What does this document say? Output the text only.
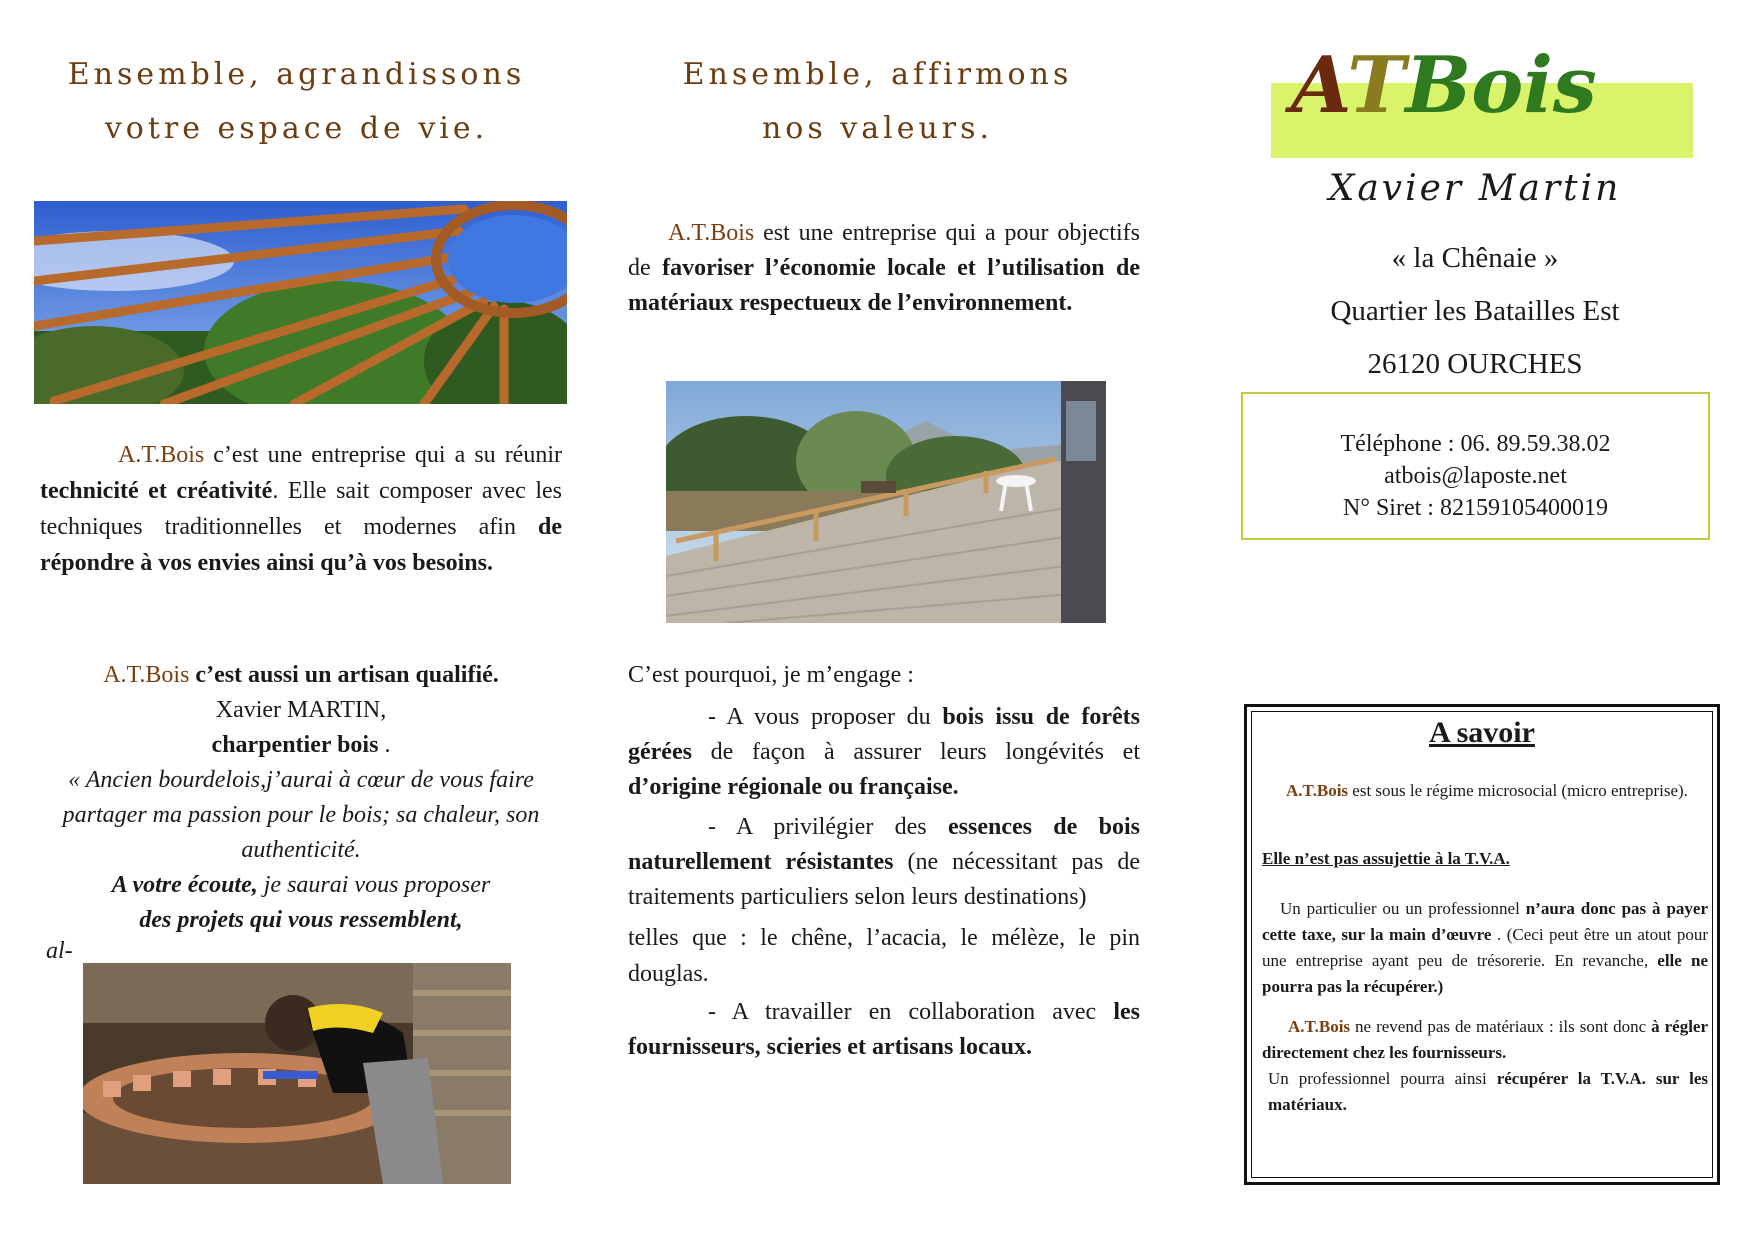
Ensemble, agrandissons
votre espace de vie.
A.T.Bois c’est une entreprise qui a su réunir technicité et créativité. Elle sait composer avec les techniques traditionnelles et modernes afin de répondre à vos envies ainsi qu’à vos besoins.
A.T.Bois c’est aussi un artisan qualifié.
Xavier MARTIN,
charpentier bois .
« Ancien bourdelois,j’aurai à cœur de vous faire partager ma passion pour le bois; sa chaleur, son authenticité.
A votre écoute, je saurai vous proposer
des projets qui vous ressemblent,
al-
Ensemble, affirmons
nos valeurs.
A.T.Bois est une entreprise qui a pour objectifs de favoriser l’économie locale et l’utilisation de matériaux respectueux de l’environnement.
C’est pourquoi, je m’engage :
- A vous proposer du bois issu de forêts gérées de façon à assurer leurs longévités et d’origine régionale ou française.
- A privilégier des essences de bois naturellement résistantes (ne nécessitant pas de traitements particuliers selon leurs destinations)
telles que : le chêne, l’acacia, le mélèze, le pin douglas.
- A travailler en collaboration avec les fournisseurs, scieries et artisans locaux.
ATBois
Xavier Martin
« la Chênaie »
Quartier les Batailles Est
26120 OURCHES
Téléphone : 06. 89.59.38.02
atbois@laposte.net
N° Siret : 82159105400019
A savoir
A.T.Bois est sous le régime microsocial (micro entreprise).
Elle n’est pas assujettie à la T.V.A.
Un particulier ou un professionnel n’aura donc pas à payer cette taxe, sur la main d’œuvre . (Ceci peut être un atout pour une entreprise ayant peu de trésorerie. En revanche, elle ne pourra pas la récupérer.)
A.T.Bois ne revend pas de matériaux : ils sont donc à régler directement chez les fournisseurs.
Un professionnel pourra ainsi récupérer la T.V.A. sur les matériaux.
